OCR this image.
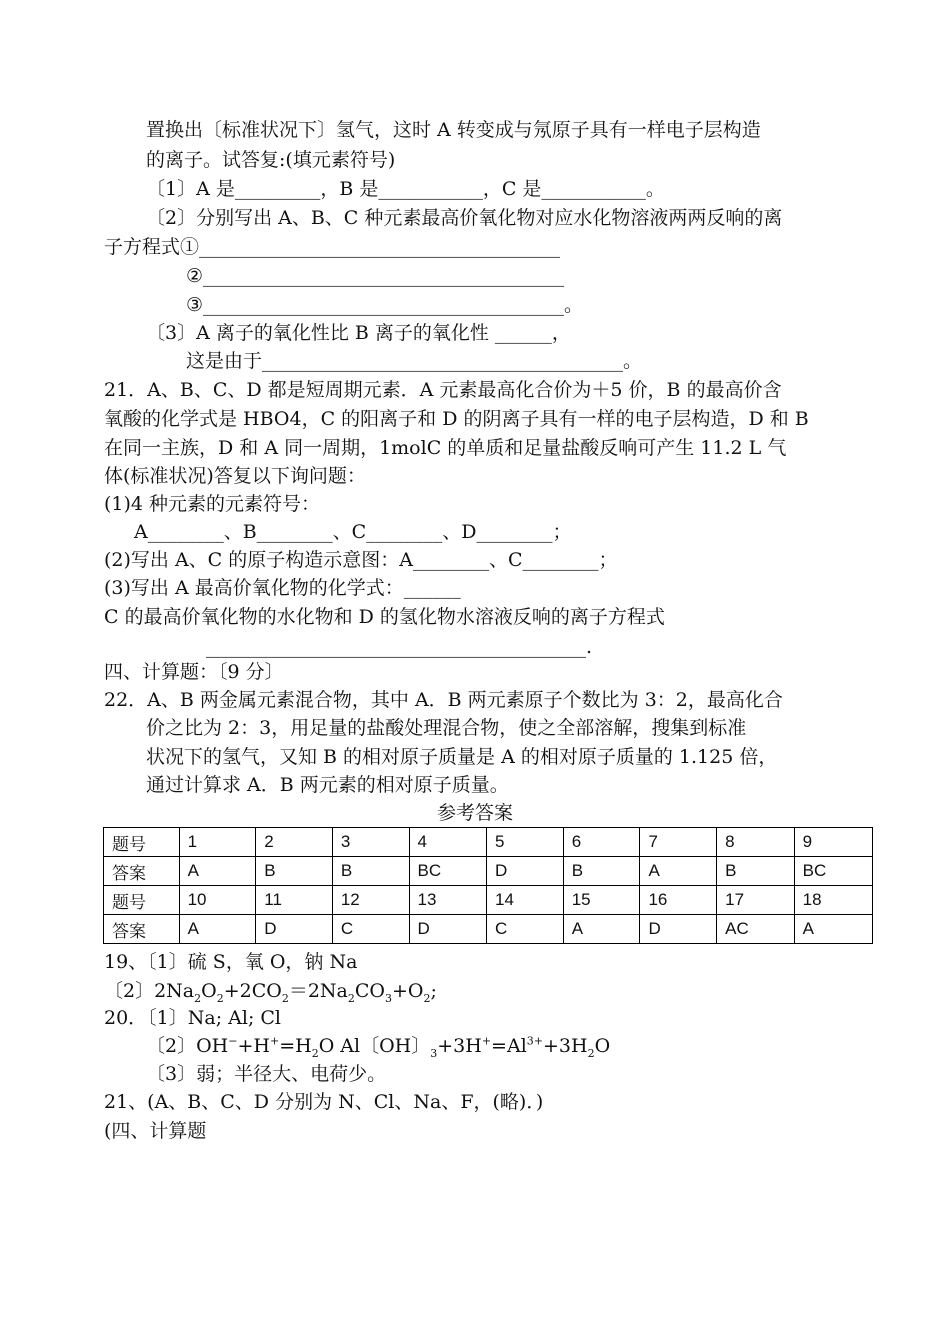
置换出〔标准状况下〕氢气，这时 A 转变成与氖原子具有一样电子层构造
的离子。试答复:(填元素符号)
〔1〕A 是_________，B 是___________，C 是___________。
〔2〕分别写出 A、B、C 种元素最高价氧化物对应水化物溶液两两反响的离
子方程式①______________________________________
②______________________________________
③______________________________________。
〔3〕A 离子的氧化性比 B 离子的氧化性 ______，
这是由于______________________________________。
21．A、B、C、D 都是短周期元素．A 元素最高化合价为＋5 价，B 的最高价含
氧酸的化学式是 HBO4，C 的阳离子和 D 的阴离子具有一样的电子层构造，D 和 B
在同一主族，D 和 A 同一周期，1molC 的单质和足量盐酸反响可产生 11.2 L 气
体(标准状况)答复以下询问题：
(1)4 种元素的元素符号：
A________、B________、C________、D________；
(2)写出 A、C 的原子构造示意图：A________、C________；
(3)写出 A 最高价氧化物的化学式：______
C 的最高价氧化物的水化物和 D 的氢化物水溶液反响的离子方程式
________________________________________.
四、计算题：〔9 分〕
22．A、B 两金属元素混合物，其中 A．B 两元素原子个数比为 3：2，最高化合
价之比为 2：3，用足量的盐酸处理混合物，使之全部溶解，搜集到标准
状况下的氢气，又知 B 的相对原子质量是 A 的相对原子质量的 1.125 倍，
通过计算求 A．B 两元素的相对原子质量。
参考答案
题号	1	2	3	4	5	6	7	8	9
答案	A	B	B	BC	D	B	A	B	BC
题号	10	11	12	13	14	15	16	17	18
答案	A	D	C	D	C	A	D	AC	A
19、〔1〕硫 S，氧 O，钠 Na
〔2〕$2Na_2O_2+2CO_2=2Na_2CO_3+O_2$;
20．〔1〕Na; Al; Cl
〔2〕$OH^-+H^+=H_2O$ Al〔OH〕$_3+3H^+=Al^{3+}+3H_2O$
〔3〕弱；半径大、电荷少。
21、(A、B、C、D 分别为 N、Cl、Na、F，(略)．)
(四、计算题
